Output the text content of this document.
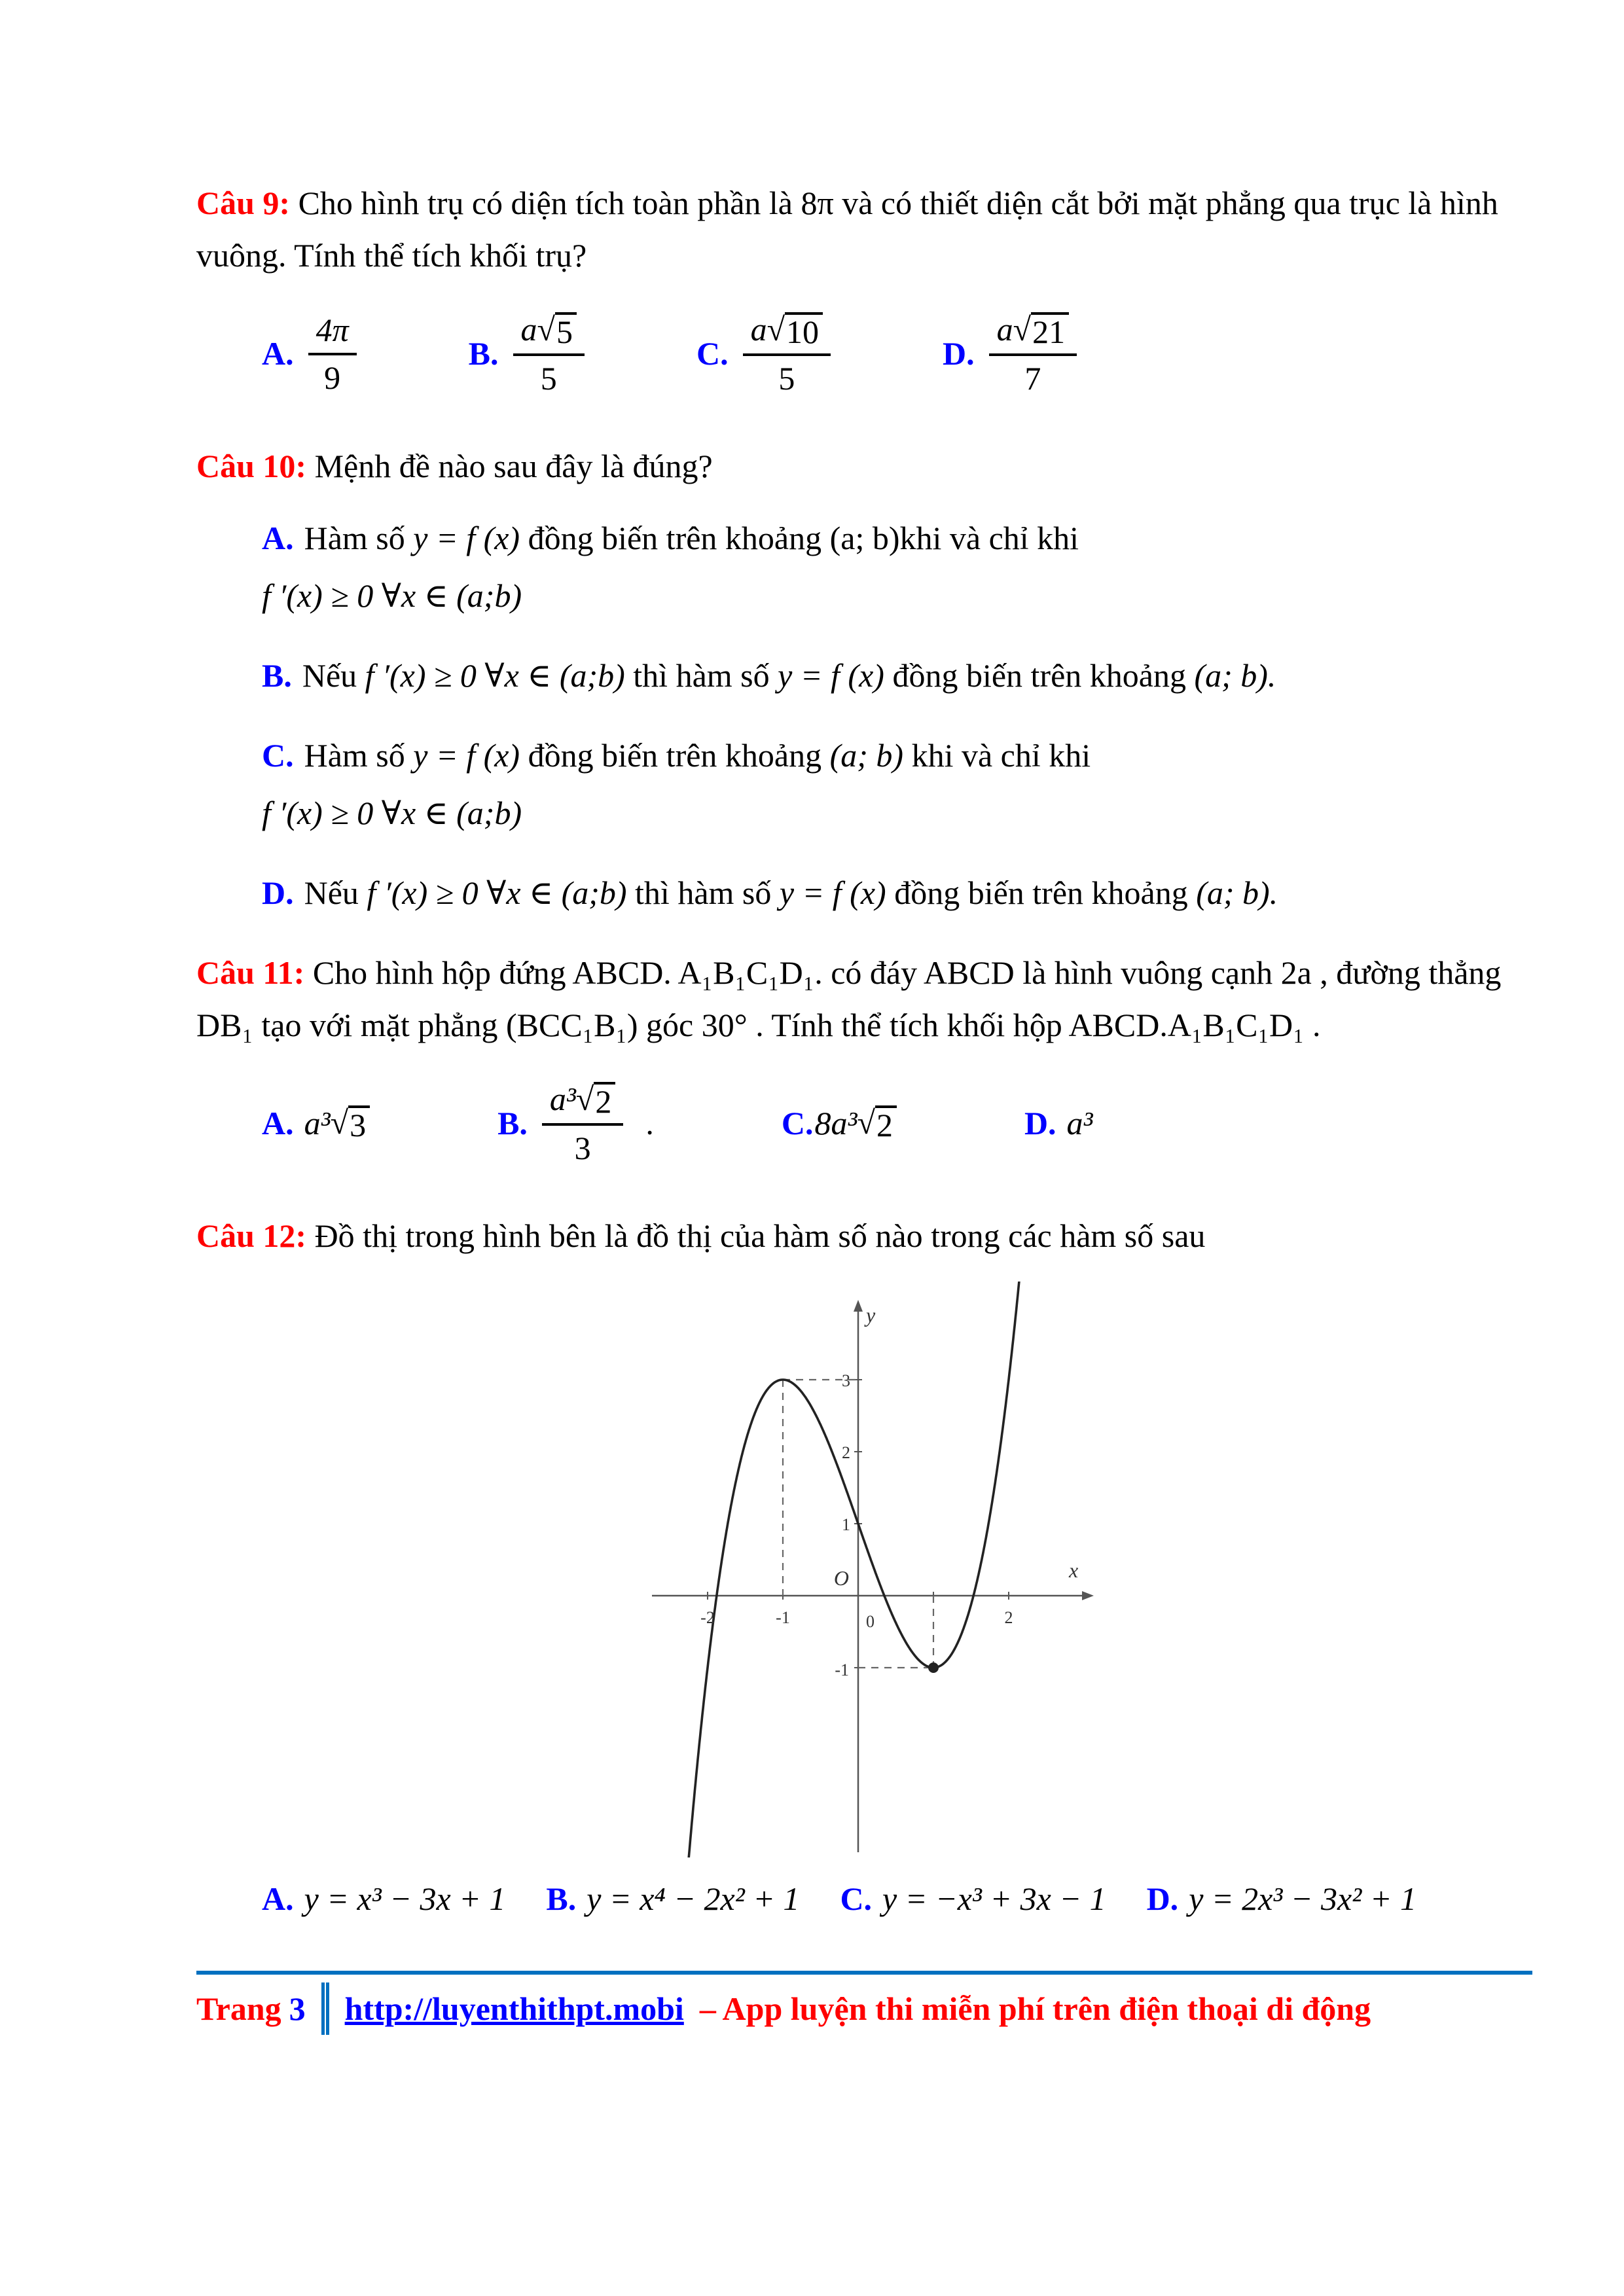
Câu 9: Cho hình trụ có diện tích toàn phần là 8π và có thiết diện cắt bởi mặt phẳng qua trục là hình vuông. Tính thể tích khối trụ?

A. $\frac{4\pi}{9}$	B. $\frac{a √ 5}{5}$	C. $\frac{a √ 10}{5}$	D. $\frac{a √ 21}{7}$

Câu 10: Mệnh đề nào sau đây là đúng?

A. Hàm số y = f (x) đồng biến trên khoảng (a; b)khi và chỉ khi

f ′(x) ≥ 0 ∀x ∈ (a;b)

B. Nếu f ′(x) ≥ 0 ∀x ∈ (a;b) thì hàm số y = f (x) đồng biến trên khoảng (a; b).

C. Hàm số y = f (x) đồng biến trên khoảng (a; b) khi và chỉ khi

f ′(x) ≥ 0 ∀x ∈ (a;b)

D. Nếu f ′(x) ≥ 0 ∀x ∈ (a;b) thì hàm số y = f (x) đồng biến trên khoảng (a; b).

Câu 11: Cho hình hộp đứng ABCD. A₁B₁C₁D₁. có đáy ABCD là hình vuông cạnh 2a , đường thẳng DB₁ tạo với mặt phẳng (BCC₁B₁) góc 30° . Tính thể tích khối hộp ABCD.A₁B₁C₁D₁ .

A. a³ √ 3	B. $\frac{\text{a³ √ 2}}{3}$ .	C. 8a³ √ 2	D. a³

Câu 12: Đồ thị trong hình bên là đồ thị của hàm số nào trong các hàm số sau

y
x
O
0
3
2
1
-1
-2	-1	2
A. y = x³ − 3x + 1 B. y = x⁴ − 2x² + 1 C. y = −x³ + 3x − 1 D. y = 2x³ − 3x² + 1
Trang 3 http://luyenthithpt.mobi – App luyện thi miễn phí trên điện thoại di động
